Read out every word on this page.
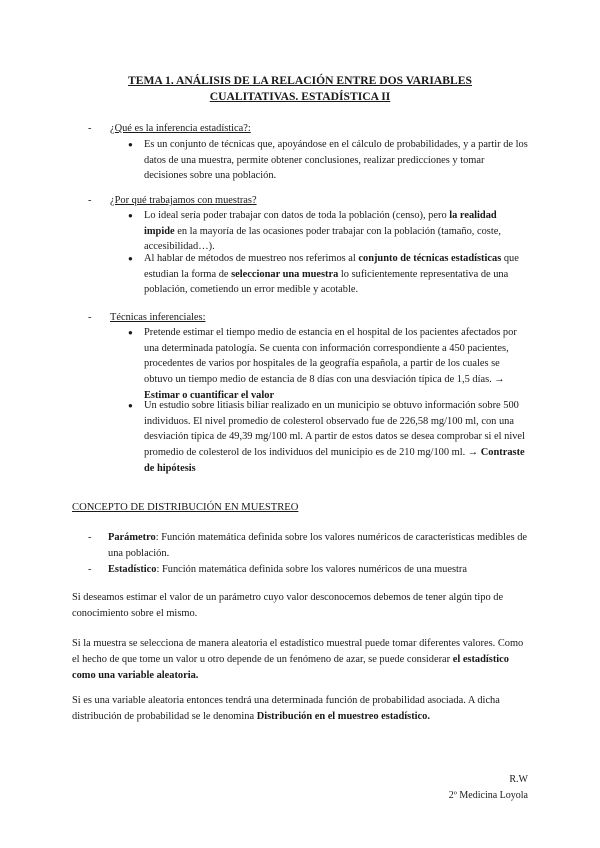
TEMA 1. ANÁLISIS DE LA RELACIÓN ENTRE DOS VARIABLES
CUALITATIVAS. ESTADÍSTICA II
- ¿Qué es la inferencia estadística?:
● Es un conjunto de técnicas que, apoyándose en el cálculo de probabilidades, y a partir de los datos de una muestra, permite obtener conclusiones, realizar predicciones y tomar decisiones sobre una población.
- ¿Por qué trabajamos con muestras?
● Lo ideal sería poder trabajar con datos de toda la población (censo), pero la realidad impide en la mayoría de las ocasiones poder trabajar con la población (tamaño, coste, accesibilidad…).
● Al hablar de métodos de muestreo nos referimos al conjunto de técnicas estadísticas que estudian la forma de seleccionar una muestra lo suficientemente representativa de una población, cometiendo un error medible y acotable.
- Técnicas inferenciales:
● Pretende estimar el tiempo medio de estancia en el hospital de los pacientes afectados por una determinada patología. Se cuenta con información correspondiente a 450 pacientes, procedentes de varios por hospitales de la geografía española, a partir de los cuales se obtuvo un tiempo medio de estancia de 8 días con una desviación típica de 1,5 días. → Estimar o cuantificar el valor
● Un estudio sobre litiasis biliar realizado en un municipio se obtuvo información sobre 500 individuos. El nivel promedio de colesterol observado fue de 226,58 mg/100 ml, con una desviación típica de 49,39 mg/100 ml. A partir de estos datos se desea comprobar si el nivel promedio de colesterol de los individuos del municipio es de 210 mg/100 ml. → Contraste de hipótesis
CONCEPTO DE DISTRIBUCIÓN EN MUESTREO
- Parámetro: Función matemática definida sobre los valores numéricos de características medibles de una población.
- Estadístico: Función matemática definida sobre los valores numéricos de una muestra
Si deseamos estimar el valor de un parámetro cuyo valor desconocemos debemos de tener algún tipo de conocimiento sobre el mismo.
Si la muestra se selecciona de manera aleatoria el estadístico muestral puede tomar diferentes valores. Como el hecho de que tome un valor u otro depende de un fenómeno de azar, se puede considerar el estadístico como una variable aleatoria.
Si es una variable aleatoria entonces tendrá una determinada función de probabilidad asociada. A dicha distribución de probabilidad se le denomina Distribución en el muestreo estadístico.
R.W
2º Medicina Loyola
